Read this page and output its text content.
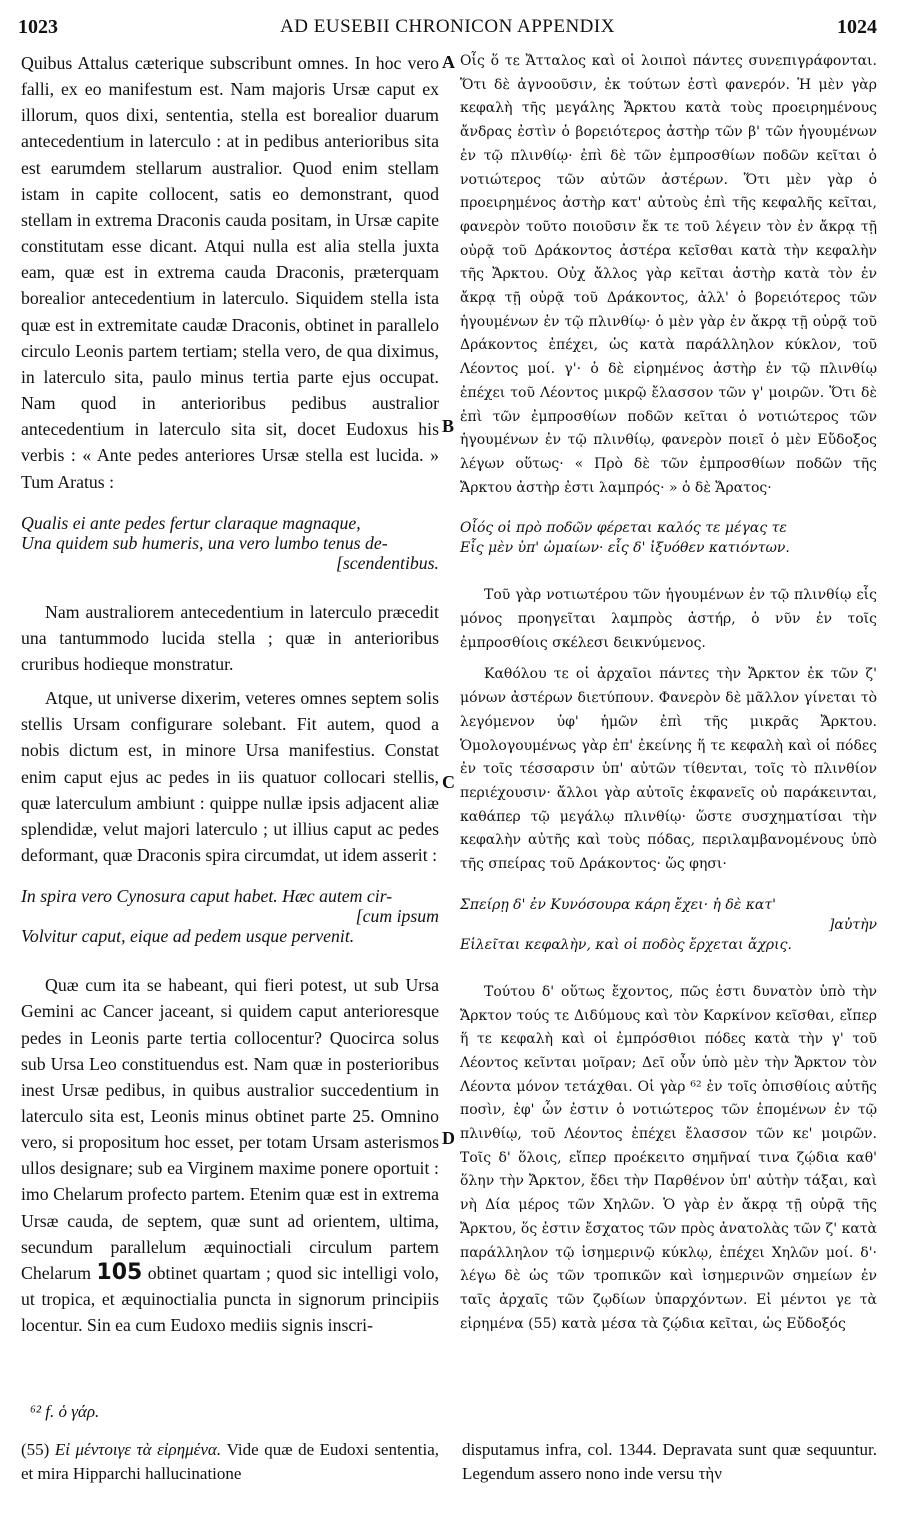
1023	AD EUSEBII CHRONICON APPENDIX	1024

Quibus Attalus cæterique subscribunt omnes. In hoc vero falli, ex eo manifestum est. Nam majoris Ursæ caput ex illorum, quos dixi, sententia, stella est borealior duarum antecedentium in laterculo : at in pedibus anterioribus sita est earumdem stellarum australior. Quod enim stellam istam in capite collocent, satis eo demonstrant, quod stellam in extrema Draconis cauda positam, in Ursæ capite constitutam esse dicant. Atqui nulla est alia stella juxta eam, quæ est in extrema cauda Draconis, præterquam borealior antecedentium in laterculo. Siquidem stella ista quæ est in extremitate caudæ Draconis, obtinet in parallelo circulo Leonis partem tertiam; stella vero, de qua diximus, in laterculo sita, paulo minus tertia parte ejus occupat. Nam quod in anterioribus pedibus australior antecedentium in laterculo sita sit, docet Eudoxus his verbis : « Ante pedes anteriores Ursæ stella est lucida. » Tum Aratus :

Qualis ei ante pedes fertur claraque magnaque,
Una quidem sub humeris, una vero lumbo tenus de-
[scendentibus.

Nam australiorem antecedentium in laterculo præcedit una tantummodo lucida stella ; quæ in anterioribus cruribus hodieque monstratur.

Atque, ut universe dixerim, veteres omnes septem solis stellis Ursam configurare solebant. Fit autem, quod a nobis dictum est, in minore Ursa manifestius. Constat enim caput ejus ac pedes in iis quatuor collocari stellis, quæ laterculum ambiunt : quippe nullæ ipsis adjacent aliæ splendidæ, velut majori laterculo ; ut illius caput ac pedes deformant, quæ Draconis spira circumdat, ut idem asserit :

In spira vero Cynosura caput habet. Hæc autem cir-
[cum ipsum
Volvitur caput, eique ad pedem usque pervenit.

Quæ cum ita se habeant, qui fieri potest, ut sub Ursa Gemini ac Cancer jaceant, si quidem caput anterioresque pedes in Leonis parte tertia collocentur? Quocirca solus sub Ursa Leo constituendus est. Nam quæ in posterioribus inest Ursæ pedibus, in quibus australior succedentium in laterculo sita est, Leonis minus obtinet parte 25. Omnino vero, si propositum hoc esset, per totam Ursam asterismos ullos designare; sub ea Virginem maxime ponere oportuit : imo Chelarum profecto partem. Etenim quæ est in extrema Ursæ cauda, de septem, quæ sunt ad orientem, ultima, secundum parallelum æquinoctiali circulum partem Chelarum 105 obtinet quartam ; quod sic intelligi volo, ut tropica, et æquinoctialia puncta in signorum principiis locentur. Sin ea cum Eudoxo mediis signis inscri-

A
B
C
D

Οἷς ὅ τε Ἄτταλος καὶ οἱ λοιποὶ πάντες συνεπιγράφονται. Ὅτι δὲ ἀγνοοῦσιν, ἐκ τούτων ἐστὶ φανερόν. Ἡ μὲν γὰρ κεφαλὴ τῆς μεγάλης Ἄρκτου κατὰ τοὺς προειρημένους ἄνδρας ἐστὶν ὁ βορειότερος ἀστὴρ τῶν β' τῶν ἡγουμένων ἐν τῷ πλινθίῳ· ἐπὶ δὲ τῶν ἐμπροσθίων ποδῶν κεῖται ὁ νοτιώτερος τῶν αὐτῶν ἀστέρων. Ὅτι μὲν γὰρ ὁ προειρημένος ἀστὴρ κατ' αὐτοὺς ἐπὶ τῆς κεφαλῆς κεῖται, φανερὸν τοῦτο ποιοῦσιν ἔκ τε τοῦ λέγειν τὸν ἐν ἄκρᾳ τῇ οὐρᾷ τοῦ Δράκοντος ἀστέρα κεῖσθαι κατὰ τὴν κεφαλὴν τῆς Ἄρκτου. Οὐχ ἄλλος γὰρ κεῖται ἀστὴρ κατὰ τὸν ἐν ἄκρᾳ τῇ οὐρᾷ τοῦ Δράκοντος, ἀλλ' ὁ βορειότερος τῶν ἡγουμένων ἐν τῷ πλινθίῳ· ὁ μὲν γὰρ ἐν ἄκρᾳ τῇ οὐρᾷ τοῦ Δράκοντος ἐπέχει, ὡς κατὰ παράλληλον κύκλον, τοῦ Λέοντος μοί. γ'· ὁ δὲ εἰρημένος ἀστὴρ ἐν τῷ πλινθίῳ ἐπέχει τοῦ Λέοντος μικρῷ ἔλασσον τῶν γ' μοιρῶν. Ὅτι δὲ ἐπὶ τῶν ἐμπροσθίων ποδῶν κεῖται ὁ νοτιώτερος τῶν ἡγουμένων ἐν τῷ πλινθίῳ, φανερὸν ποιεῖ ὁ μὲν Εὔδοξος λέγων οὕτως· « Πρὸ δὲ τῶν ἐμπροσθίων ποδῶν τῆς Ἄρκτου ἀστὴρ ἐστι λαμπρός· » ὁ δὲ Ἄρατος·

Οἷός οἱ πρὸ ποδῶν φέρεται καλός τε μέγας τε
Εἷς μὲν ὑπ' ὠμαίων· εἷς δ' ἰξυόθεν κατιόντων.

Τοῦ γὰρ νοτιωτέρου τῶν ἡγουμένων ἐν τῷ πλινθίῳ εἷς μόνος προηγεῖται λαμπρὸς ἀστήρ, ὁ νῦν ἐν τοῖς ἐμπροσθίοις σκέλεσι δεικνύμενος.

Καθόλου τε οἱ ἀρχαῖοι πάντες τὴν Ἄρκτον ἐκ τῶν ζ' μόνων ἀστέρων διετύπουν. Φανερὸν δὲ μᾶλλον γίνεται τὸ λεγόμενον ὑφ' ἡμῶν ἐπὶ τῆς μικρᾶς Ἄρκτου. Ὁμολογουμένως γὰρ ἐπ' ἐκείνης ἥ τε κεφαλὴ καὶ οἱ πόδες ἐν τοῖς τέσσαρσιν ὑπ' αὐτῶν τίθενται, τοῖς τὸ πλινθίον περιέχουσιν· ἄλλοι γὰρ αὐτοῖς ἐκφανεῖς οὐ παράκεινται, καθάπερ τῷ μεγάλῳ πλινθίῳ· ὥστε συσχηματίσαι τὴν κεφαλὴν αὐτῆς καὶ τοὺς πόδας, περιλαμβανομένους ὑπὸ τῆς σπείρας τοῦ Δράκοντος· ὥς φησι·

Σπείρῃ δ' ἐν Κυνόσουρα κάρη ἔχει· ἡ δὲ κατ'
]αὐτὴν
Εἱλεῖται κεφαλὴν, καὶ οἱ ποδὸς ἔρχεται ἄχρις.

Τούτου δ' οὕτως ἔχοντος, πῶς ἐστι δυνατὸν ὑπὸ τὴν Ἄρκτον τούς τε Διδύμους καὶ τὸν Καρκίνον κεῖσθαι, εἴπερ ἥ τε κεφαλὴ καὶ οἱ ἐμπρόσθιοι πόδες κατὰ τὴν γ' τοῦ Λέοντος κεῖνται μοῖραν; Δεῖ οὖν ὑπὸ μὲν τὴν Ἄρκτον τὸν Λέοντα μόνον τετάχθαι. Οἱ γὰρ ⁶² ἐν τοῖς ὀπισθίοις αὐτῆς ποσὶν, ἐφ' ὧν ἐστιν ὁ νοτιώτερος τῶν ἑπομένων ἐν τῷ πλινθίῳ, τοῦ Λέοντος ἐπέχει ἔλασσον τῶν κε' μοιρῶν. Τοῖς δ' ὅλοις, εἴπερ προέκειτο σημῆναί τινα ζῴδια καθ' ὅλην τὴν Ἄρκτον, ἔδει τὴν Παρθένον ὑπ' αὐτὴν τάξαι, καὶ νὴ Δία μέρος τῶν Χηλῶν. Ὁ γὰρ ἐν ἄκρᾳ τῇ οὐρᾷ τῆς Ἄρκτου, ὅς ἐστιν ἔσχατος τῶν πρὸς ἀνατολὰς τῶν ζ' κατὰ παράλληλον τῷ ἰσημερινῷ κύκλῳ, ἐπέχει Χηλῶν μοί. δ'· λέγω δὲ ὡς τῶν τροπικῶν καὶ ἰσημερινῶν σημείων ἐν ταῖς ἀρχαῖς τῶν ζῳδίων ὑπαρχόντων. Εἰ μέντοι γε τὰ εἰρημένα (55) κατὰ μέσα τὰ ζῴδια κεῖται, ὡς Εὔδοξός

⁶² f. ὁ γάρ.
(55) Εἰ μέντοιγε τὰ εἰρημένα. Vide quæ de Eudoxi sententia, et mira Hipparchi hallucinatione
disputamus infra, col. 1344. Depravata sunt quæ sequuntur. Legendum assero nono inde versu τὴν
